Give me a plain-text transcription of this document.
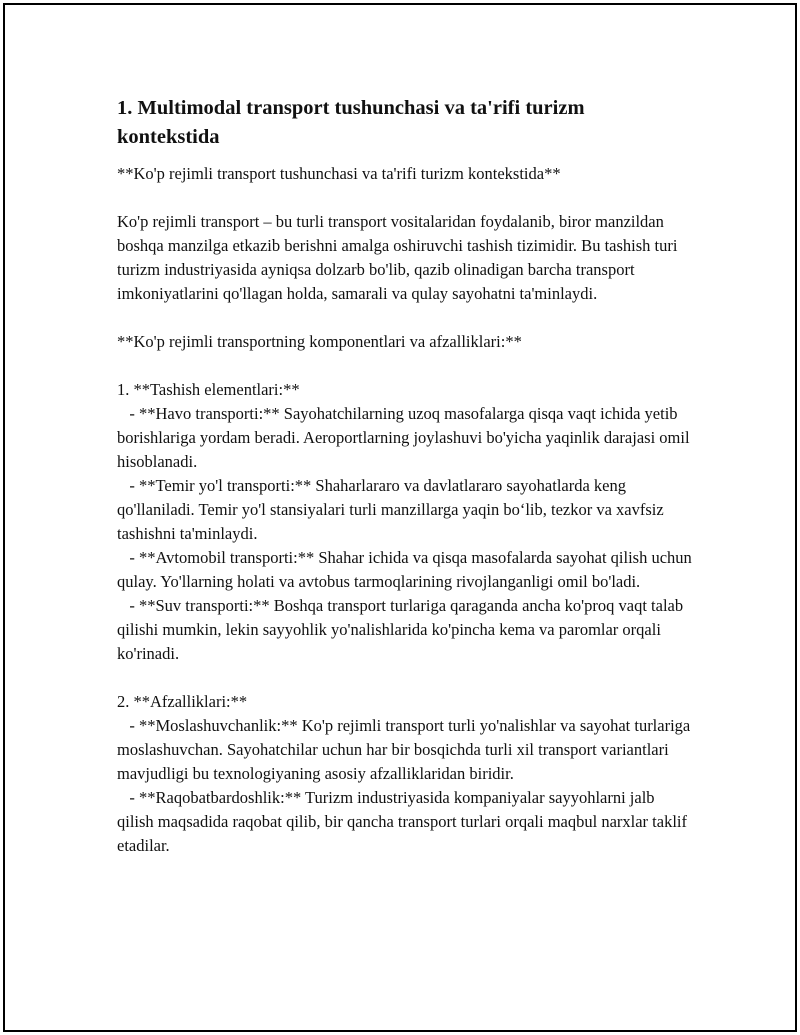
1. Multimodal transport tushunchasi va ta'rifi turizm kontekstida

**Ko'p rejimli transport tushunchasi va ta'rifi turizm kontekstida**

Ko'p rejimli transport – bu turli transport vositalaridan foydalanib, biror manzildan boshqa manzilga etkazib berishni amalga oshiruvchi tashish tizimidir. Bu tashish turi turizm industriyasida ayniqsa dolzarb bo'lib, qazib olinadigan barcha transport imkoniyatlarini qo'llagan holda, samarali va qulay sayohatni ta'minlaydi.

**Ko'p rejimli transportning komponentlari va afzalliklari:**

1. **Tashish elementlari:**

- **Havo transporti:** Sayohatchilarning uzoq masofalarga qisqa vaqt ichida yetib borishlariga yordam beradi. Aeroportlarning joylashuvi bo'yicha yaqinlik darajasi omil hisoblanadi.

- **Temir yo'l transporti:** Shaharlararo va davlatlararo sayohatlarda keng qo'llaniladi. Temir yo'l stansiyalari turli manzillarga yaqin bo‘lib, tezkor va xavfsiz tashishni ta'minlaydi.

- **Avtomobil transporti:** Shahar ichida va qisqa masofalarda sayohat qilish uchun qulay. Yo'llarning holati va avtobus tarmoqlarining rivojlanganligi omil bo'ladi.

- **Suv transporti:** Boshqa transport turlariga qaraganda ancha ko'proq vaqt talab qilishi mumkin, lekin sayyohlik yo'nalishlarida ko'pincha kema va paromlar orqali ko'rinadi.

2. **Afzalliklari:**

- **Moslashuvchanlik:** Ko'p rejimli transport turli yo'nalishlar va sayohat turlariga moslashuvchan. Sayohatchilar uchun har bir bosqichda turli xil transport variantlari mavjudligi bu texnologiyaning asosiy afzalliklaridan biridir.

- **Raqobatbardoshlik:** Turizm industriyasida kompaniyalar sayyohlarni jalb qilish maqsadida raqobat qilib, bir qancha transport turlari orqali maqbul narxlar taklif etadilar.
